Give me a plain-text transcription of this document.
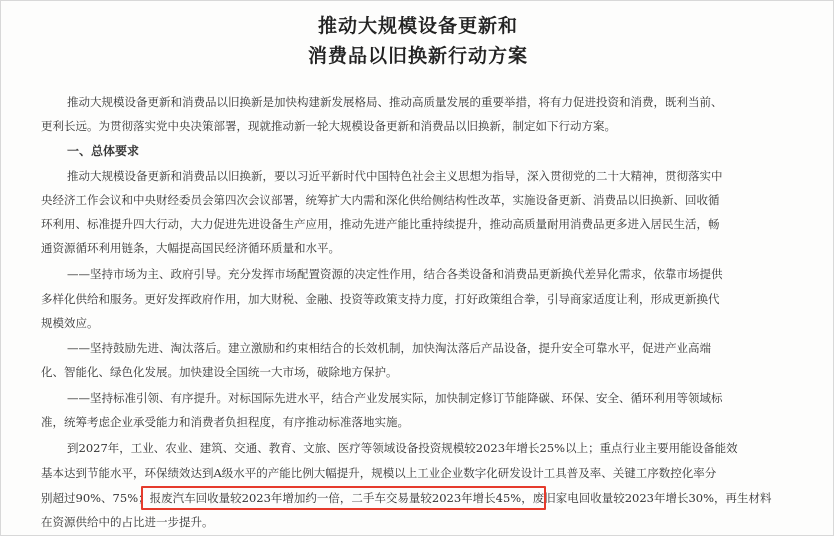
推动大规模设备更新和
消费品以旧换新行动方案
推动大规模设备更新和消费品以旧换新是加快构建新发展格局、推动高质量发展的重要举措，将有力促进投资和消费，既利当前、
更利长远。为贯彻落实党中央决策部署，现就推动新一轮大规模设备更新和消费品以旧换新，制定如下行动方案。
一、总体要求
推动大规模设备更新和消费品以旧换新，要以习近平新时代中国特色社会主义思想为指导，深入贯彻党的二十大精神，贯彻落实中
央经济工作会议和中央财经委员会第四次会议部署，统筹扩大内需和深化供给侧结构性改革，实施设备更新、消费品以旧换新、回收循
环利用、标准提升四大行动，大力促进先进设备生产应用，推动先进产能比重持续提升，推动高质量耐用消费品更多进入居民生活，畅
通资源循环利用链条，大幅提高国民经济循环质量和水平。
——坚持市场为主、政府引导。充分发挥市场配置资源的决定性作用，结合各类设备和消费品更新换代差异化需求，依靠市场提供
多样化供给和服务。更好发挥政府作用，加大财税、金融、投资等政策支持力度，打好政策组合拳，引导商家适度让利，形成更新换代
规模效应。
——坚持鼓励先进、淘汰落后。建立激励和约束相结合的长效机制，加快淘汰落后产品设备，提升安全可靠水平，促进产业高端
化、智能化、绿色化发展。加快建设全国统一大市场，破除地方保护。
——坚持标准引领、有序提升。对标国际先进水平，结合产业发展实际，加快制定修订节能降碳、环保、安全、循环利用等领域标
准，统筹考虑企业承受能力和消费者负担程度，有序推动标准落地实施。
到2027年，工业、农业、建筑、交通、教育、文旅、医疗等领域设备投资规模较2023年增长25%以上；重点行业主要用能设备能效
基本达到节能水平，环保绩效达到A级水平的产能比例大幅提升，规模以上工业企业数字化研发设计工具普及率、关键工序数控化率分
别超过90%、75%；报废汽车回收量较2023年增加约一倍，二手车交易量较2023年增长45%，废旧家电回收量较2023年增长30%，再生材料
在资源供给中的占比进一步提升。
